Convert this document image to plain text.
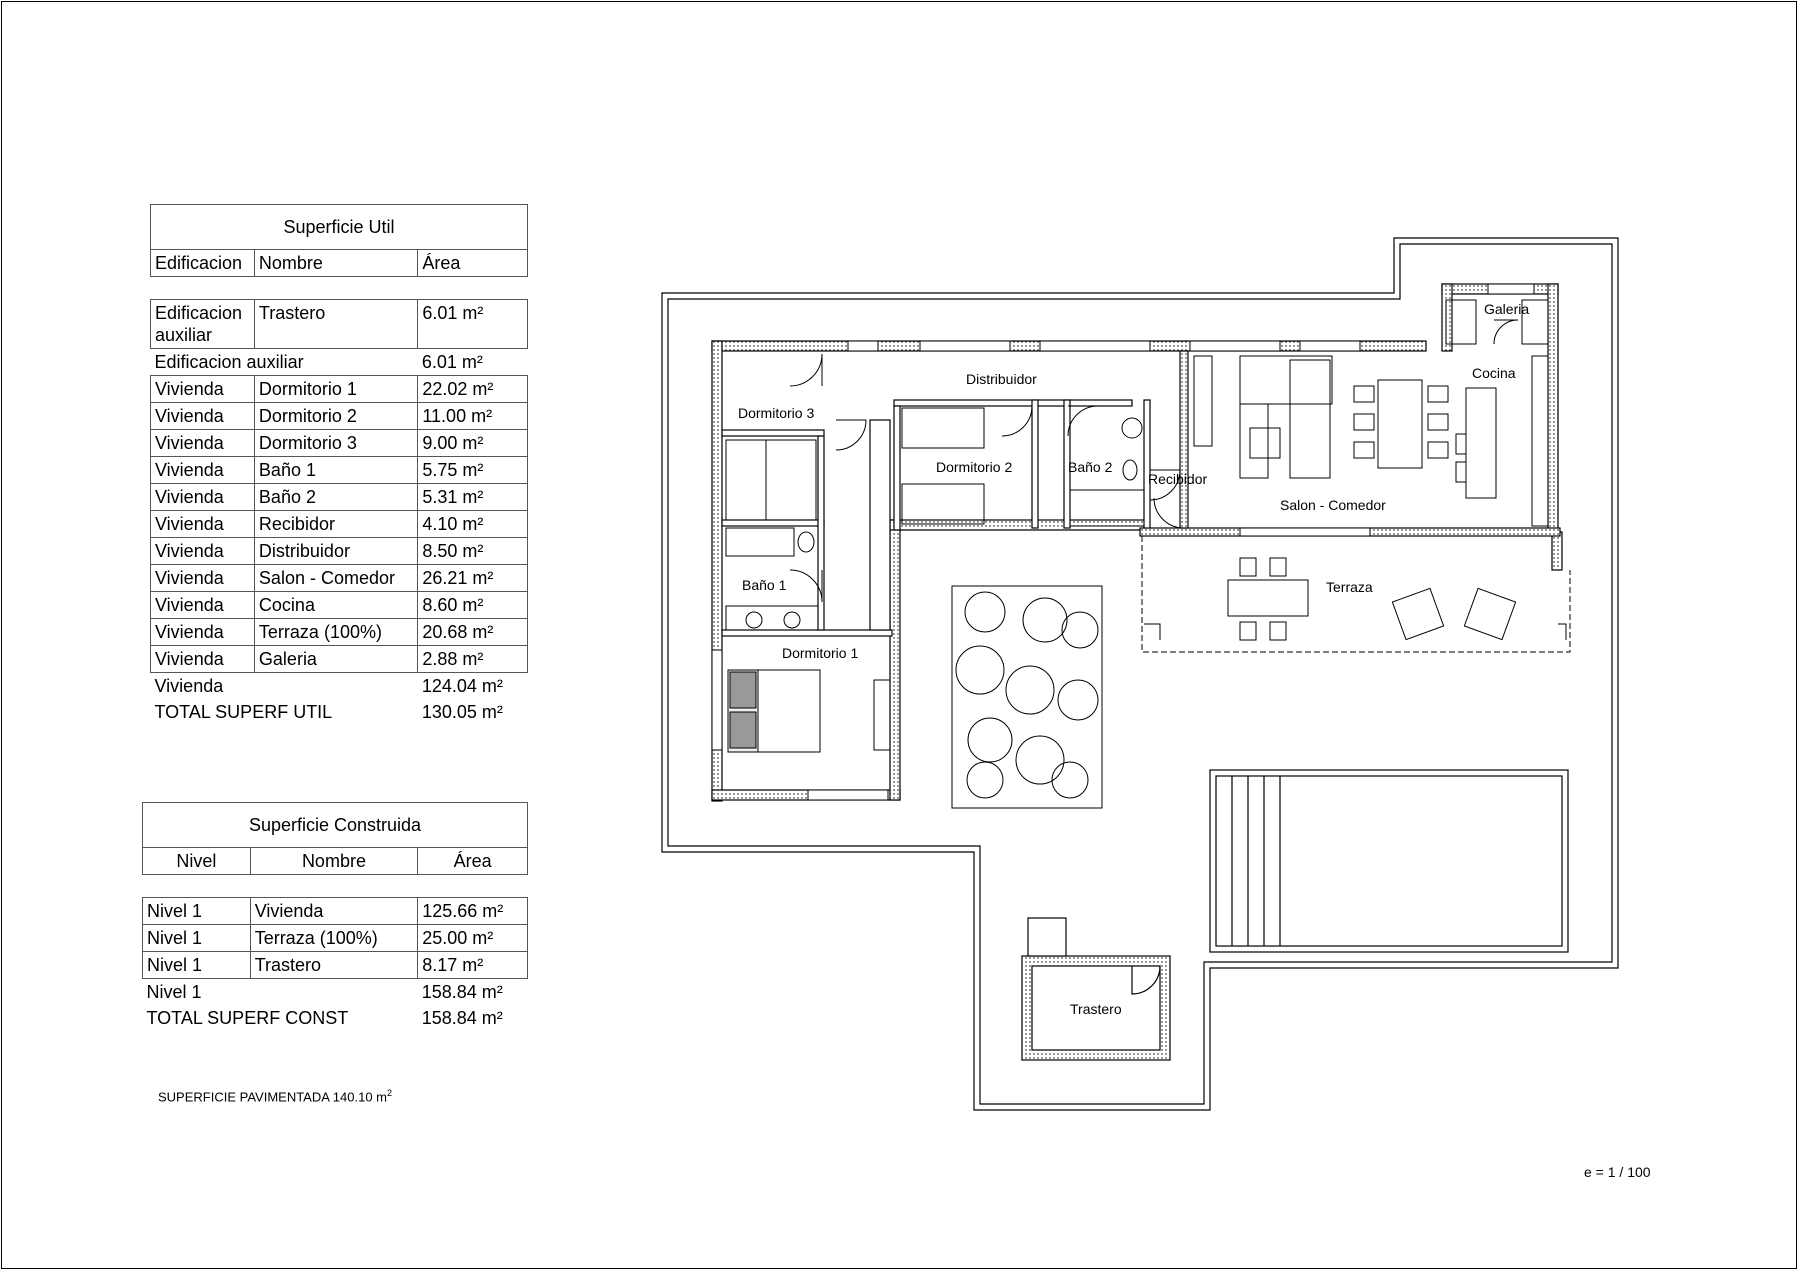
Superficie Util		
Edificacion	Nombre	Área

Edificacion auxiliar	Trastero	6.01 m²
Edificacion auxiliar		6.01 m²
Vivienda	Dormitorio 1	22.02 m²
Vivienda	Dormitorio 2	11.00 m²
Vivienda	Dormitorio 3	9.00 m²
Vivienda	Baño 1	5.75 m²
Vivienda	Baño 2	5.31 m²
Vivienda	Recibidor	4.10 m²
Vivienda	Distribuidor	8.50 m²
Vivienda	Salon - Comedor	26.21 m²
Vivienda	Cocina	8.60 m²
Vivienda	Terraza (100%)	20.68 m²
Vivienda	Galeria	2.88 m²
Vivienda		124.04 m²
TOTAL SUPERF UTIL		130.05 m²
Superficie Construida		
Nivel	Nombre	Área

Nivel 1	Vivienda	125.66 m²
Nivel 1	Terraza (100%)	25.00 m²
Nivel 1	Trastero	8.17 m²
Nivel 1		158.84 m²
TOTAL SUPERF CONST		158.84 m²
SUPERFICIE PAVIMENTADA 140.10 $m^2$
e = 1 / 100
Dormitorio 3
Distribuidor
Dormitorio 2	Baño 2
Recibidor
Salon - Comedor
Cocina
Galeria
Baño 1
Dormitorio 1
Terraza
Trastero
